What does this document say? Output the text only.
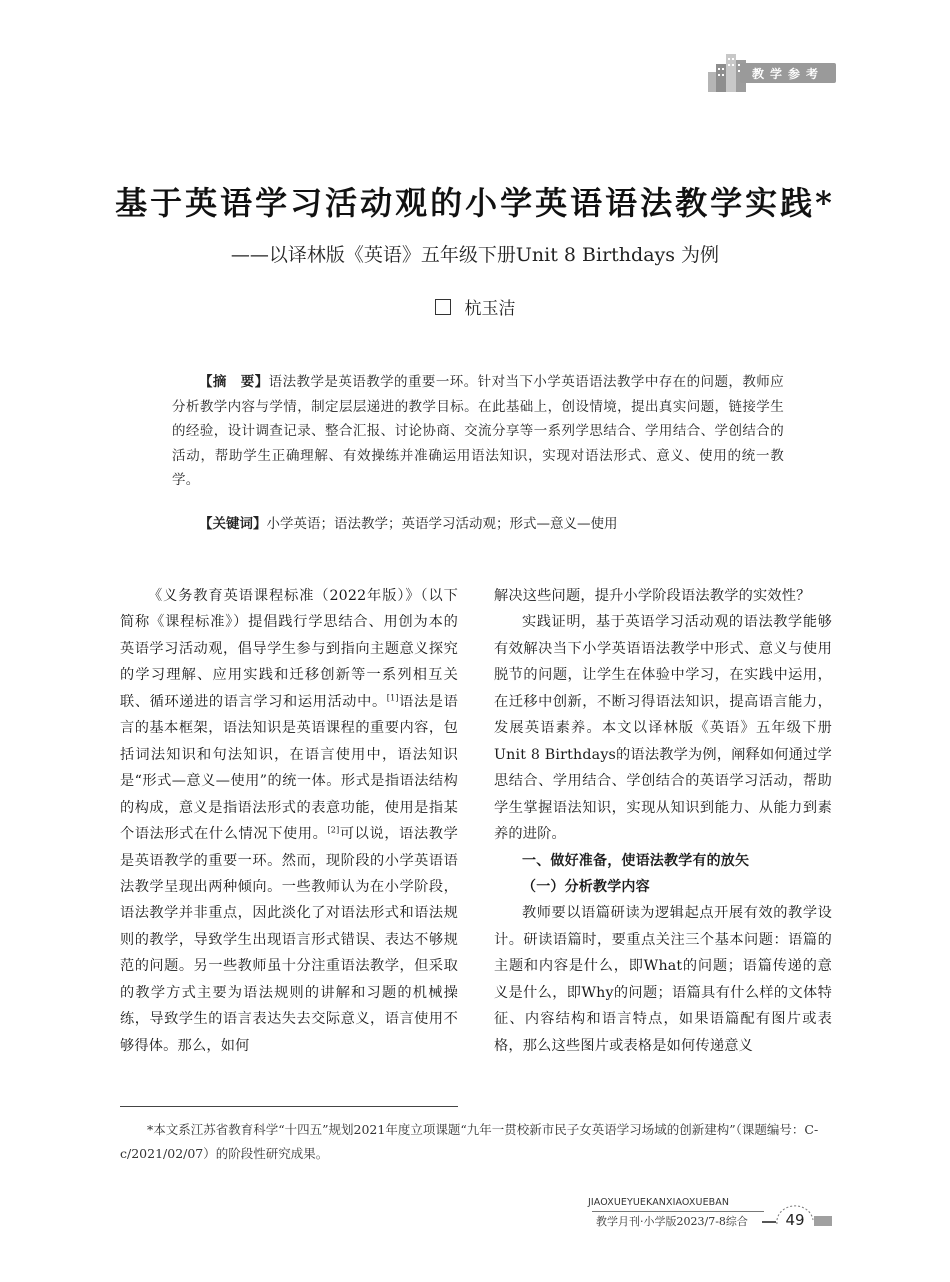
教学参考
基于英语学习活动观的小学英语语法教学实践*
——以译林版《英语》五年级下册Unit 8 Birthdays 为例
杭玉洁
【摘　要】语法教学是英语教学的重要一环。针对当下小学英语语法教学中存在的问题，教师应分析教学内容与学情，制定层层递进的教学目标。在此基础上，创设情境，提出真实问题，链接学生的经验，设计调查记录、整合汇报、讨论协商、交流分享等一系列学思结合、学用结合、学创结合的活动，帮助学生正确理解、有效操练并准确运用语法知识，实现对语法形式、意义、使用的统一教学。
【关键词】小学英语；语法教学；英语学习活动观；形式—意义—使用

《义务教育英语课程标准（2022年版）》（以下简称《课程标准》）提倡践行学思结合、用创为本的英语学习活动观，倡导学生参与到指向主题意义探究的学习理解、应用实践和迁移创新等一系列相互关联、循环递进的语言学习和运用活动中。[1]语法是语言的基本框架，语法知识是英语课程的重要内容，包括词法知识和句法知识，在语言使用中，语法知识是“形式—意义—使用”的统一体。形式是指语法结构的构成，意义是指语法形式的表意功能，使用是指某个语法形式在什么情况下使用。[2]可以说，语法教学是英语教学的重要一环。然而，现阶段的小学英语语法教学呈现出两种倾向。一些教师认为在小学阶段，语法教学并非重点，因此淡化了对语法形式和语法规则的教学，导致学生出现语言形式错误、表达不够规范的问题。另一些教师虽十分注重语法教学，但采取的教学方式主要为语法规则的讲解和习题的机械操练，导致学生的语言表达失去交际意义，语言使用不够得体。那么，如何

解决这些问题，提升小学阶段语法教学的实效性？

实践证明，基于英语学习活动观的语法教学能够有效解决当下小学英语语法教学中形式、意义与使用脱节的问题，让学生在体验中学习，在实践中运用，在迁移中创新，不断习得语法知识，提高语言能力，发展英语素养。本文以译林版《英语》五年级下册Unit 8 Birthdays的语法教学为例，阐释如何通过学思结合、学用结合、学创结合的英语学习活动，帮助学生掌握语法知识，实现从知识到能力、从能力到素养的进阶。

一、做好准备，使语法教学有的放矢

（一）分析教学内容

教师要以语篇研读为逻辑起点开展有效的教学设计。研读语篇时，要重点关注三个基本问题：语篇的主题和内容是什么，即What的问题；语篇传递的意义是什么，即Why的问题；语篇具有什么样的文体特征、内容结构和语言特点，如果语篇配有图片或表格，那么这些图片或表格是如何传递意义

*本文系江苏省教育科学“十四五”规划2021年度立项课题“九年一贯校新市民子女英语学习场域的创新建构”（课题编号：C-c/2021/02/07）的阶段性研究成果。
JIAOXUEYUEKANXIAOXUEBAN
教学月刊·小学版2023/7-8综合	49
